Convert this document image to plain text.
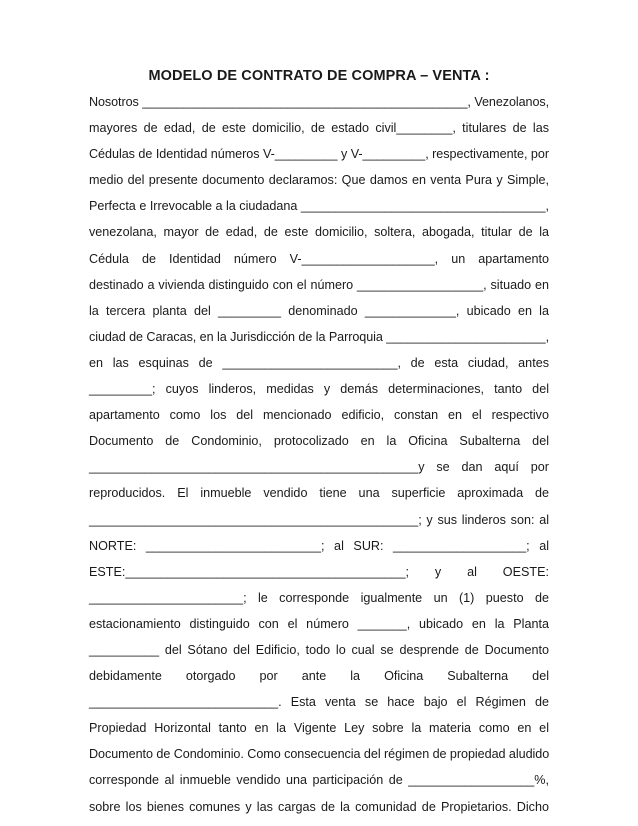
MODELO DE CONTRATO DE COMPRA – VENTA :
Nosotros _______________________________________________, Venezolanos,
mayores de edad, de este domicilio, de estado civil________, titulares de las
Cédulas de Identidad números V-_________ y V-_________, respectivamente, por
medio del presente documento declaramos: Que damos en venta Pura y Simple,
Perfecta e Irrevocable a la ciudadana ___________________________________,
venezolana, mayor de edad, de este domicilio, soltera, abogada, titular de la
Cédula de Identidad número V-___________________, un apartamento
destinado a vivienda distinguido con el número __________________, situado en
la tercera planta del _________ denominado _____________, ubicado en la
ciudad de Caracas, en la Jurisdicción de la Parroquia _______________________,
en las esquinas de _________________________, de esta ciudad, antes
_________; cuyos linderos, medidas y demás determinaciones, tanto del
apartamento como los del mencionado edificio, constan en el respectivo
Documento de Condominio, protocolizado en la Oficina Subalterna del
_______________________________________________y se dan aquí por
reproducidos. El inmueble vendido tiene una superficie aproximada de
_______________________________________________; y sus linderos son: al
NORTE: _________________________; al SUR: ___________________; al
ESTE:________________________________________; y al OESTE:
______________________; le corresponde igualmente un (1) puesto de
estacionamiento distinguido con el número _______, ubicado en la Planta
__________ del Sótano del Edificio, todo lo cual se desprende de Documento
debidamente otorgado por ante la Oficina Subalterna del
___________________________. Esta venta se hace bajo el Régimen de
Propiedad Horizontal tanto en la Vigente Ley sobre la materia como en el
Documento de Condominio. Como consecuencia del régimen de propiedad aludido
corresponde al inmueble vendido una participación de __________________%,
sobre los bienes comunes y las cargas de la comunidad de Propietarios. Dicho
